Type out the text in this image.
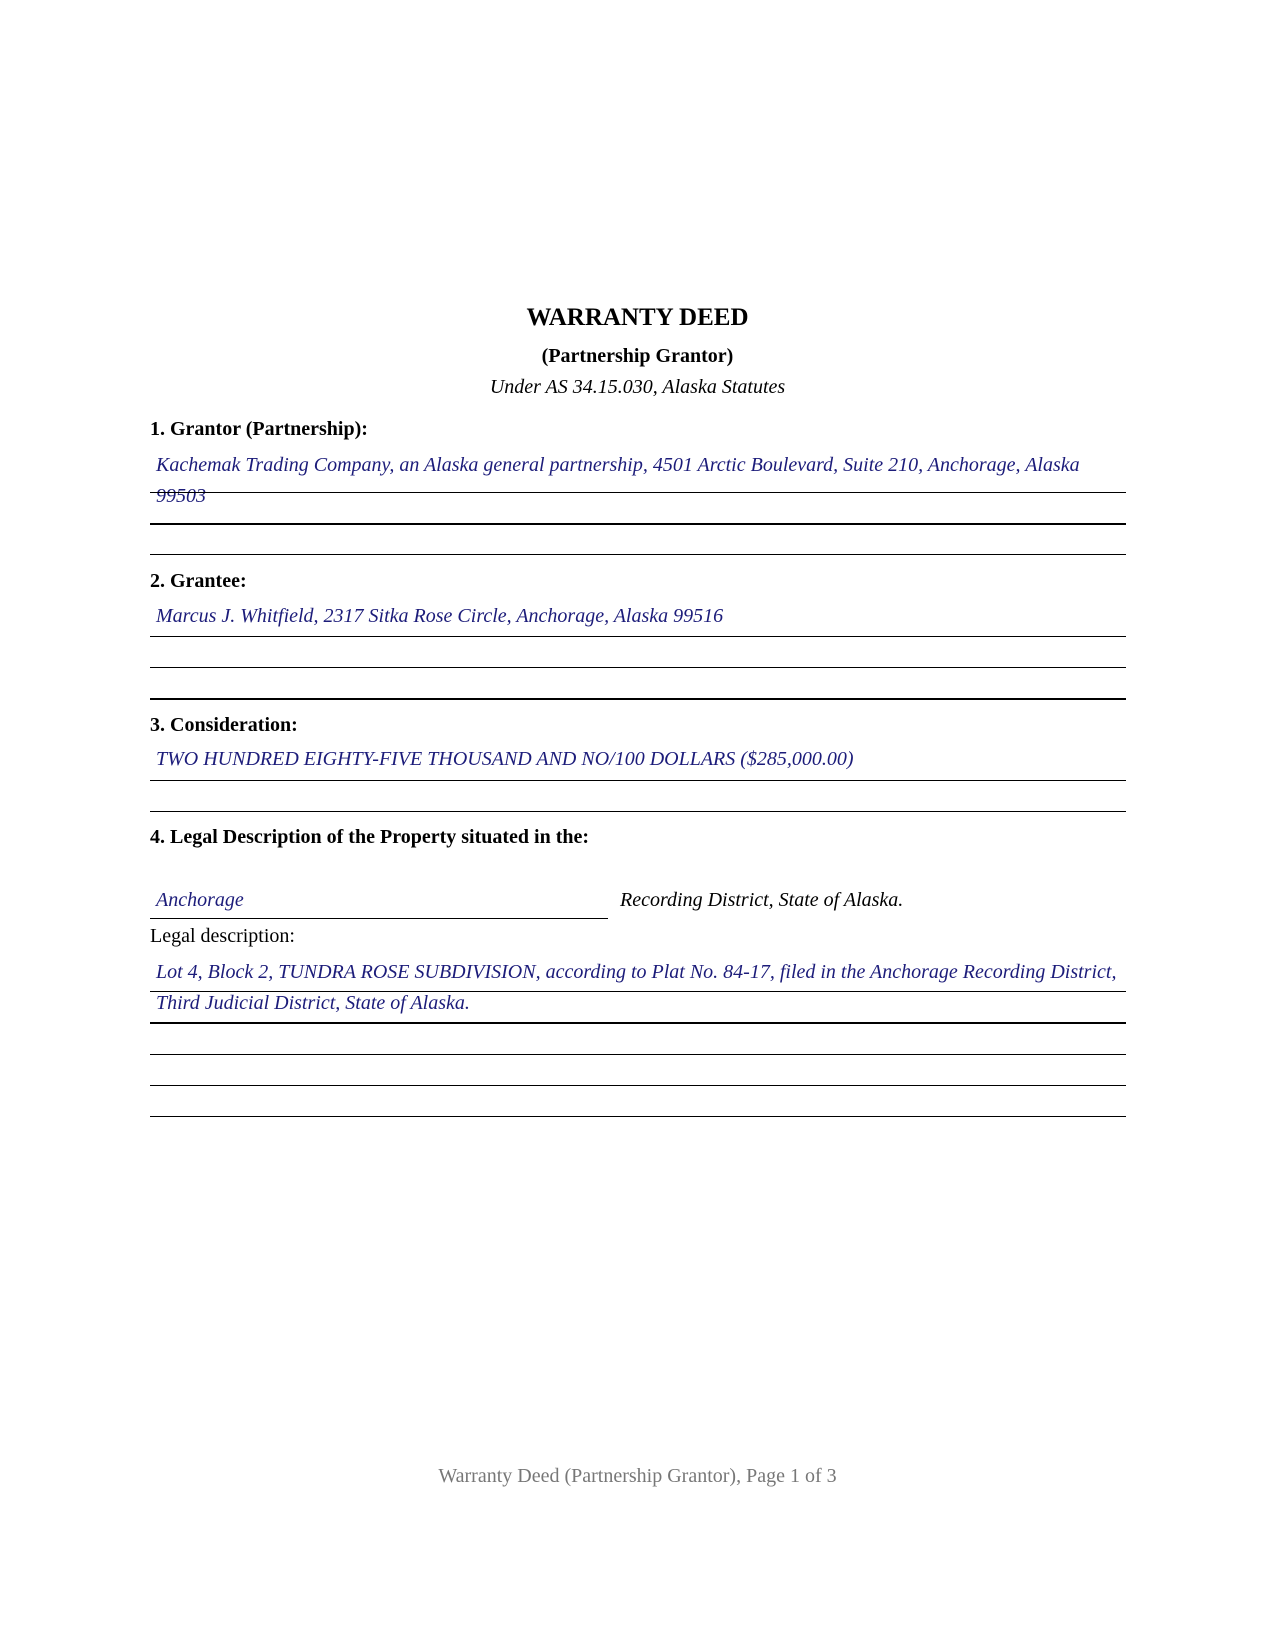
WARRANTY DEED
(Partnership Grantor)
Under AS 34.15.030, Alaska Statutes
1. Grantor (Partnership):
Kachemak Trading Company, an Alaska general partnership, 4501 Arctic Boulevard, Suite 210, Anchorage, Alaska 99503
2. Grantee:
Marcus J. Whitfield, 2317 Sitka Rose Circle, Anchorage, Alaska 99516
3. Consideration:
TWO HUNDRED EIGHTY-FIVE THOUSAND AND NO/100 DOLLARS ($285,000.00)
4. Legal Description of the Property situated in the:
Anchorage	Recording District, State of Alaska.
Legal description:
Lot 4, Block 2, TUNDRA ROSE SUBDIVISION, according to Plat No. 84-17, filed in the Anchorage Recording District, Third Judicial District, State of Alaska.
Warranty Deed (Partnership Grantor), Page 1 of 3
